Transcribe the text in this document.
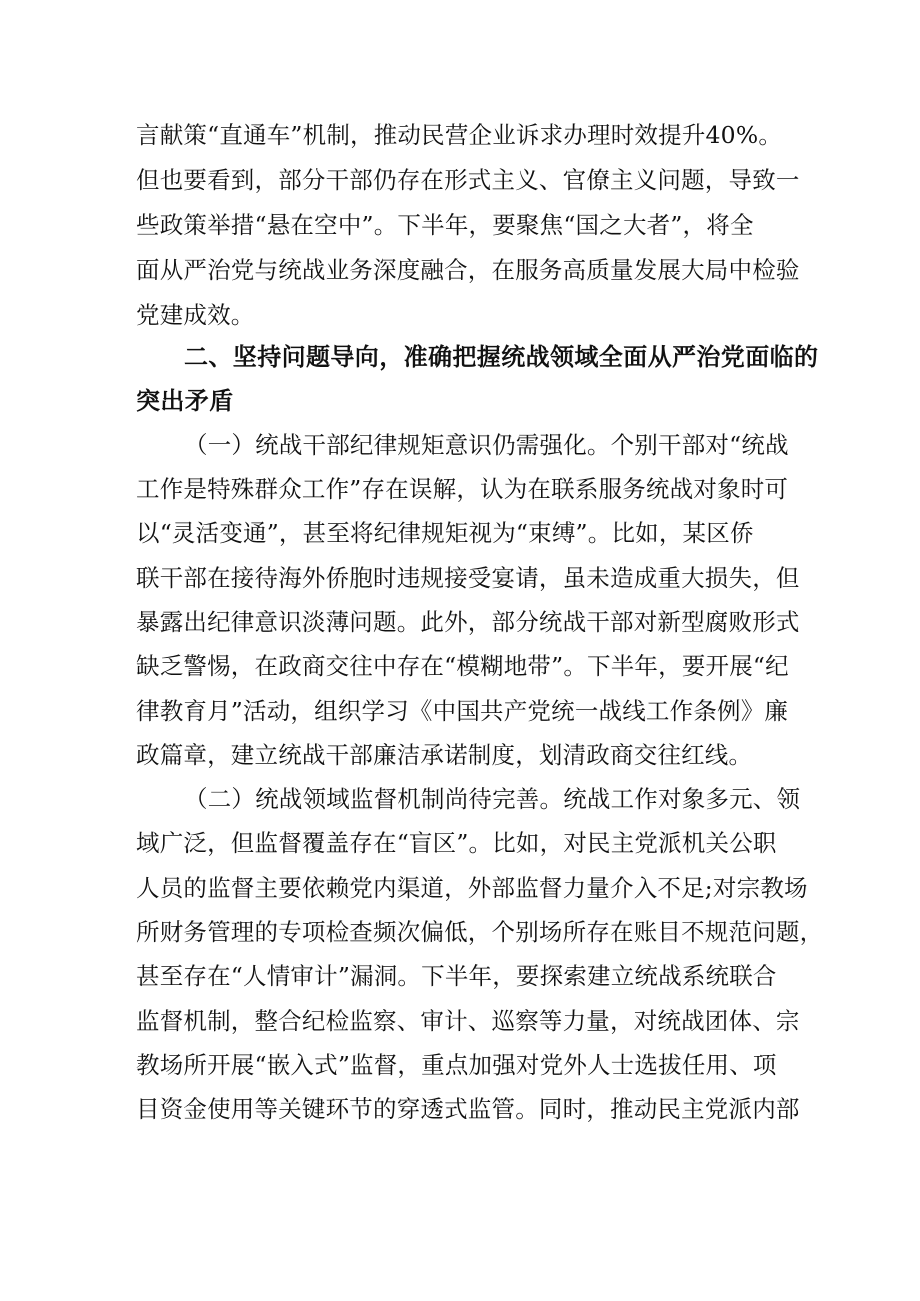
言献策“直通车”机制，推动民营企业诉求办理时效提升40%。
但也要看到，部分干部仍存在形式主义、官僚主义问题，导致一
些政策举措“悬在空中”。下半年，要聚焦“国之大者”，将全
面从严治党与统战业务深度融合，在服务高质量发展大局中检验
党建成效。
二、坚持问题导向，准确把握统战领域全面从严治党面临的
突出矛盾
（一）统战干部纪律规矩意识仍需强化。个别干部对“统战
工作是特殊群众工作”存在误解，认为在联系服务统战对象时可
以“灵活变通”，甚至将纪律规矩视为“束缚”。比如，某区侨
联干部在接待海外侨胞时违规接受宴请，虽未造成重大损失，但
暴露出纪律意识淡薄问题。此外，部分统战干部对新型腐败形式
缺乏警惕，在政商交往中存在“模糊地带”。下半年，要开展“纪
律教育月”活动，组织学习《中国共产党统一战线工作条例》廉
政篇章，建立统战干部廉洁承诺制度，划清政商交往红线。
（二）统战领域监督机制尚待完善。统战工作对象多元、领
域广泛，但监督覆盖存在“盲区”。比如，对民主党派机关公职
人员的监督主要依赖党内渠道，外部监督力量介入不足;对宗教场
所财务管理的专项检查频次偏低，个别场所存在账目不规范问题，
甚至存在“人情审计”漏洞。下半年，要探索建立统战系统联合
监督机制，整合纪检监察、审计、巡察等力量，对统战团体、宗
教场所开展“嵌入式”监督，重点加强对党外人士选拔任用、项
目资金使用等关键环节的穿透式监管。同时，推动民主党派内部
